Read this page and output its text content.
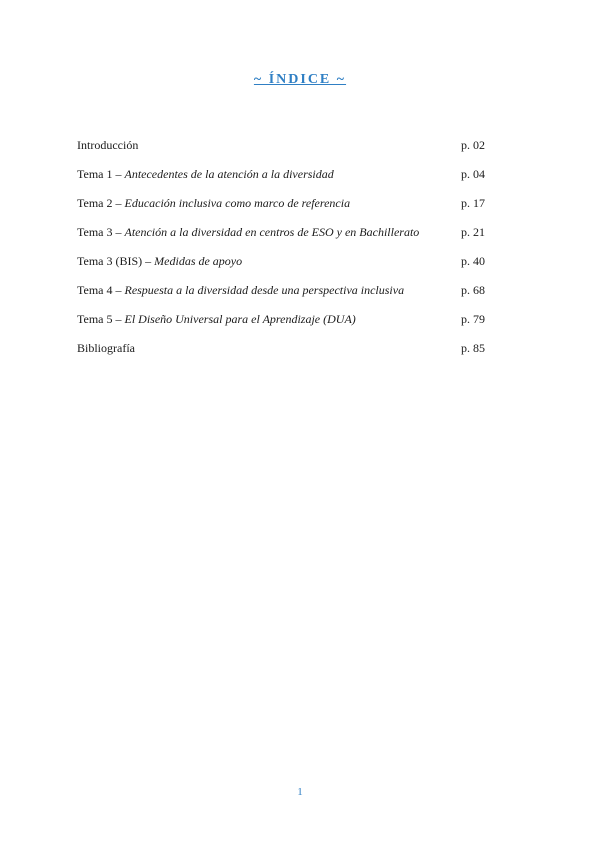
~ ÍNDICE ~
Introducción	p. 02
Tema 1 – Antecedentes de la atención a la diversidad	p. 04
Tema 2 – Educación inclusiva como marco de referencia	p. 17
Tema 3 – Atención a la diversidad en centros de ESO y en Bachillerato	p. 21
Tema 3 (BIS) – Medidas de apoyo	p. 40
Tema 4 – Respuesta a la diversidad desde una perspectiva inclusiva	p. 68
Tema 5 – El Diseño Universal para el Aprendizaje (DUA)	p. 79
Bibliografía	p. 85
1
